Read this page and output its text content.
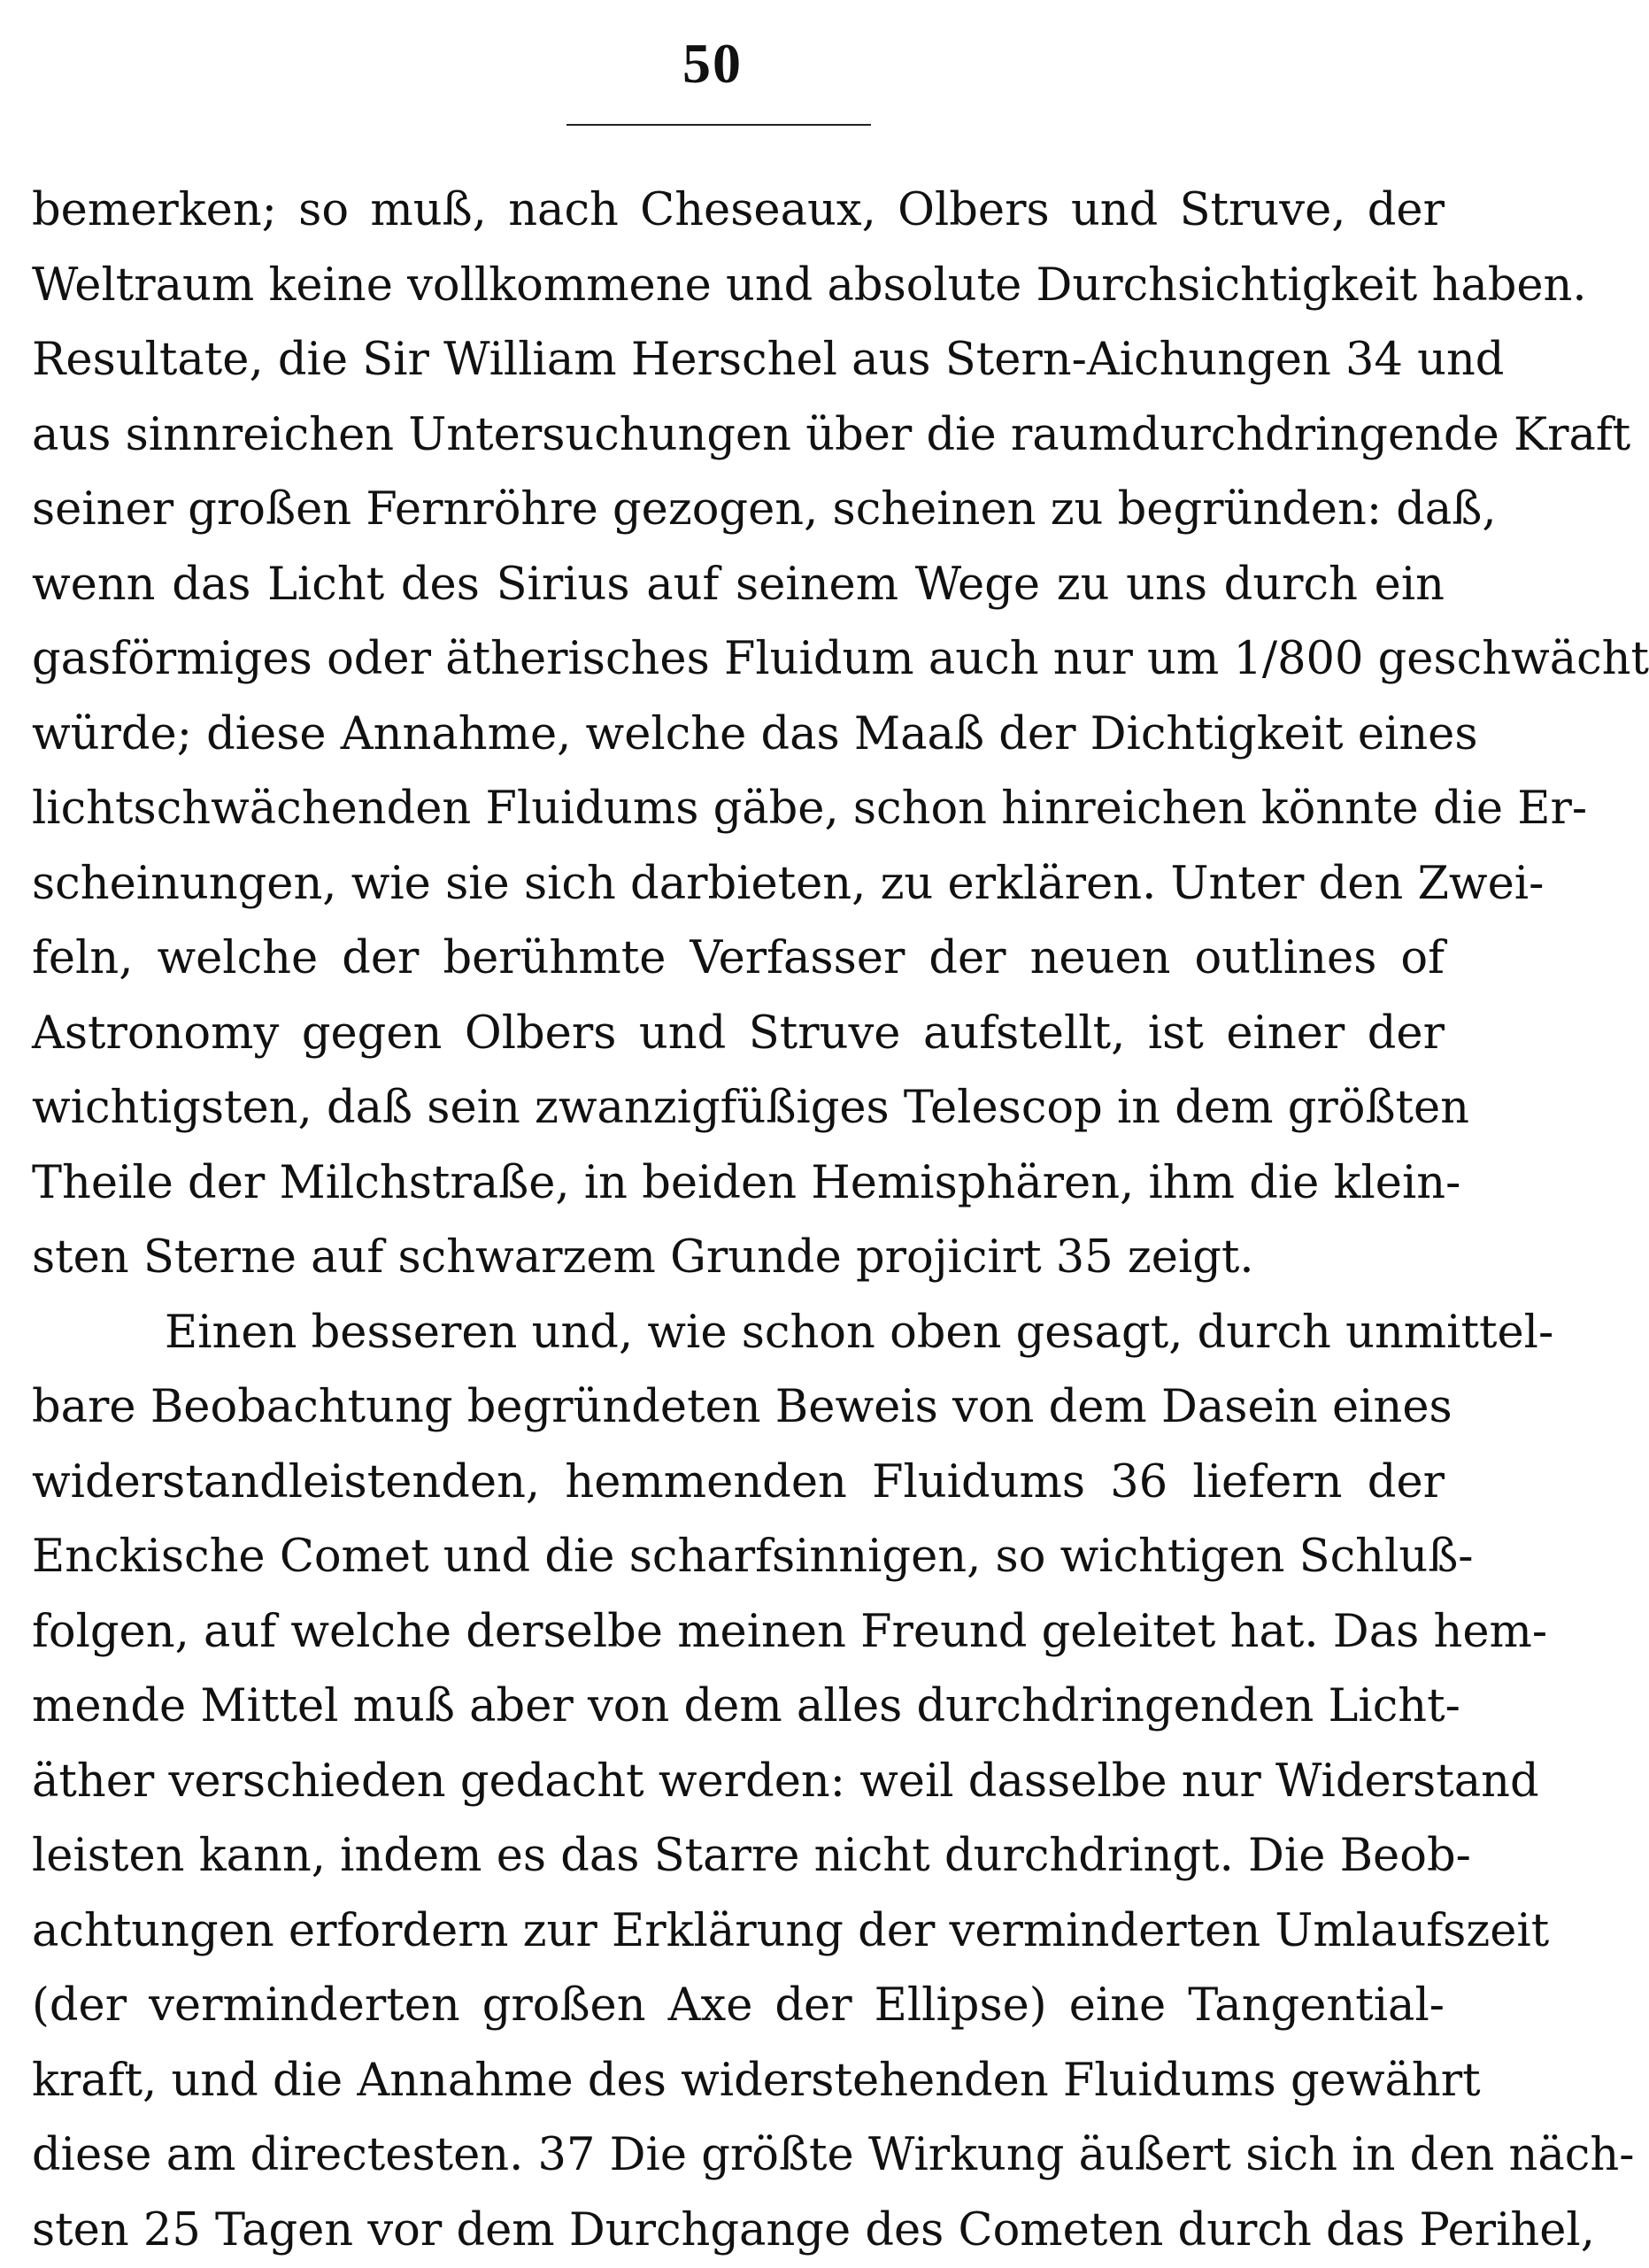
50
bemerken; so muß, nach Cheseaux, Olbers und Struve, der
Weltraum keine vollkommene und absolute Durchsichtigkeit haben.
Resultate, die Sir William Herschel aus Stern-Aichungen 34 und
aus sinnreichen Untersuchungen über die raumdurchdringende Kraft
seiner großen Fernröhre gezogen, scheinen zu begründen: daß,
wenn das Licht des Sirius auf seinem Wege zu uns durch ein
gasförmiges oder ätherisches Fluidum auch nur um 1/800 geschwächt
würde; diese Annahme, welche das Maaß der Dichtigkeit eines
lichtschwächenden Fluidums gäbe, schon hinreichen könnte die Er-
scheinungen, wie sie sich darbieten, zu erklären. Unter den Zwei-
feln, welche der berühmte Verfasser der neuen outlines of
Astronomy gegen Olbers und Struve aufstellt, ist einer der
wichtigsten, daß sein zwanzigfüßiges Telescop in dem größten
Theile der Milchstraße, in beiden Hemisphären, ihm die klein-
sten Sterne auf schwarzem Grunde projicirt 35 zeigt.
Einen besseren und, wie schon oben gesagt, durch unmittel-
bare Beobachtung begründeten Beweis von dem Dasein eines
widerstandleistenden, hemmenden Fluidums 36 liefern der
Enckische Comet und die scharfsinnigen, so wichtigen Schluß-
folgen, auf welche derselbe meinen Freund geleitet hat. Das hem-
mende Mittel muß aber von dem alles durchdringenden Licht-
äther verschieden gedacht werden: weil dasselbe nur Widerstand
leisten kann, indem es das Starre nicht durchdringt. Die Beob-
achtungen erfordern zur Erklärung der verminderten Umlaufszeit
(der verminderten großen Axe der Ellipse) eine Tangential-
kraft, und die Annahme des widerstehenden Fluidums gewährt
diese am directesten. 37 Die größte Wirkung äußert sich in den näch-
sten 25 Tagen vor dem Durchgange des Cometen durch das Perihel,
